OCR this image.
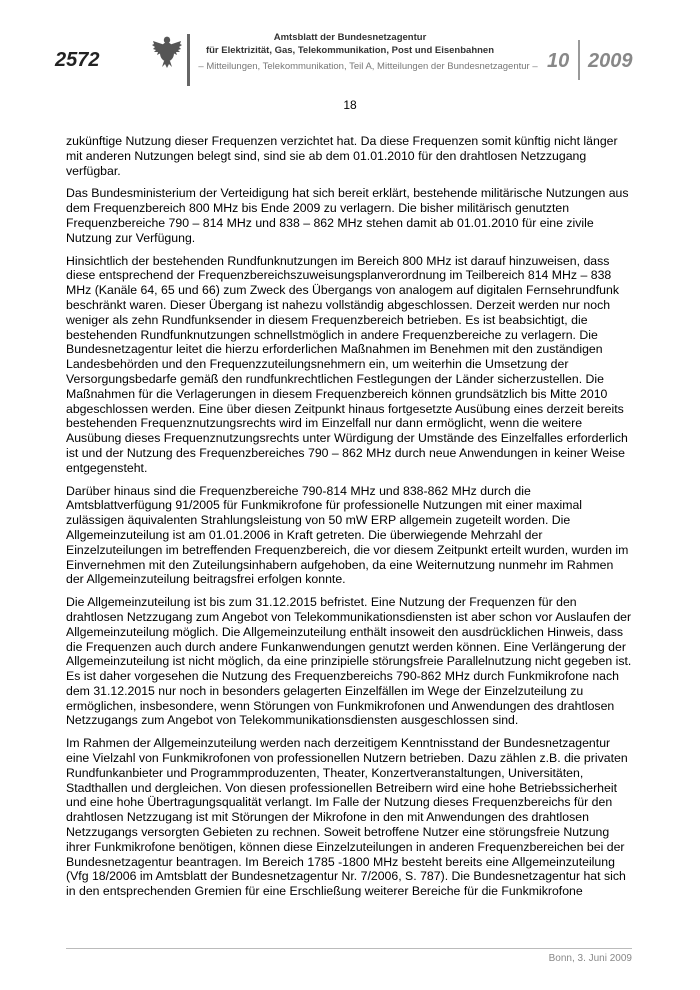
2572
Amtsblatt der Bundesnetzagentur
für Elektrizität, Gas, Telekommunikation, Post und Eisenbahnen
– Mitteilungen, Telekommunikation, Teil A, Mitteilungen der Bundesnetzagentur – 10 2009
18

zukünftige Nutzung dieser Frequenzen verzichtet hat. Da diese Frequenzen somit künftig nicht länger mit anderen Nutzungen belegt sind, sind sie ab dem 01.01.2010 für den drahtlosen Netzzugang verfügbar.

Das Bundesministerium der Verteidigung hat sich bereit erklärt, bestehende militärische Nutzungen aus dem Frequenzbereich 800 MHz bis Ende 2009 zu verlagern. Die bisher militärisch genutzten Frequenzbereiche 790 – 814 MHz und 838 – 862 MHz stehen damit ab 01.01.2010 für eine zivile Nutzung zur Verfügung.

Hinsichtlich der bestehenden Rundfunknutzungen im Bereich 800 MHz ist darauf hinzuweisen, dass diese entsprechend der Frequenzbereichszuweisungsplanverordnung im Teilbereich 814 MHz – 838 MHz (Kanäle 64, 65 und 66) zum Zweck des Übergangs von analogem auf digitalen Fernsehrundfunk beschränkt waren. Dieser Übergang ist nahezu vollständig abgeschlossen. Derzeit werden nur noch weniger als zehn Rundfunksender in diesem Frequenzbereich betrieben. Es ist beabsichtigt, die bestehenden Rundfunknutzungen schnellstmöglich in andere Frequenzbereiche zu verlagern. Die Bundesnetzagentur leitet die hierzu erforderlichen Maßnahmen im Benehmen mit den zuständigen Landesbehörden und den Frequenzzuteilungsnehmern ein, um weiterhin die Umsetzung der Versorgungsbedarfe gemäß den rundfunkrechtlichen Festlegungen der Länder sicherzustellen. Die Maßnahmen für die Verlagerungen in diesem Frequenzbereich können grundsätzlich bis Mitte 2010 abgeschlossen werden. Eine über diesen Zeitpunkt hinaus fortgesetzte Ausübung eines derzeit bereits bestehenden Frequenznutzungsrechts wird im Einzelfall nur dann ermöglicht, wenn die weitere Ausübung dieses Frequenznutzungsrechts unter Würdigung der Umstände des Einzelfalles erforderlich ist und der Nutzung des Frequenzbereiches 790 – 862 MHz durch neue Anwendungen in keiner Weise entgegensteht.

Darüber hinaus sind die Frequenzbereiche 790-814 MHz und 838-862 MHz durch die Amtsblattverfügung 91/2005 für Funkmikrofone für professionelle Nutzungen mit einer maximal zulässigen äquivalenten Strahlungsleistung von 50 mW ERP allgemein zugeteilt worden. Die Allgemeinzuteilung ist am 01.01.2006 in Kraft getreten. Die überwiegende Mehrzahl der Einzelzuteilungen im betreffenden Frequenzbereich, die vor diesem Zeitpunkt erteilt wurden, wurden im Einvernehmen mit den Zuteilungsinhabern aufgehoben, da eine Weiternutzung nunmehr im Rahmen der Allgemeinzuteilung beitragsfrei erfolgen konnte.

Die Allgemeinzuteilung ist bis zum 31.12.2015 befristet. Eine Nutzung der Frequenzen für den drahtlosen Netzzugang zum Angebot von Telekommunikationsdiensten ist aber schon vor Auslaufen der Allgemeinzuteilung möglich. Die Allgemeinzuteilung enthält insoweit den ausdrücklichen Hinweis, dass die Frequenzen auch durch andere Funkanwendungen genutzt werden können. Eine Verlängerung der Allgemeinzuteilung ist nicht möglich, da eine prinzipielle störungsfreie Parallelnutzung nicht gegeben ist. Es ist daher vorgesehen die Nutzung des Frequenzbereichs 790-862 MHz durch Funkmikrofone nach dem 31.12.2015 nur noch in besonders gelagerten Einzelfällen im Wege der Einzelzuteilung zu ermöglichen, insbesondere, wenn Störungen von Funkmikrofonen und Anwendungen des drahtlosen Netzzugangs zum Angebot von Telekommunikationsdiensten ausgeschlossen sind.

Im Rahmen der Allgemeinzuteilung werden nach derzeitigem Kenntnisstand der Bundesnetzagentur eine Vielzahl von Funkmikrofonen von professionellen Nutzern betrieben. Dazu zählen z.B. die privaten Rundfunkanbieter und Programmproduzenten, Theater, Konzertveranstaltungen, Universitäten, Stadthallen und dergleichen. Von diesen professionellen Betreibern wird eine hohe Betriebssicherheit und eine hohe Übertragungsqualität verlangt. Im Falle der Nutzung dieses Frequenzbereichs für den drahtlosen Netzzugang ist mit Störungen der Mikrofone in den mit Anwendungen des drahtlosen Netzzugangs versorgten Gebieten zu rechnen. Soweit betroffene Nutzer eine störungsfreie Nutzung ihrer Funkmikrofone benötigen, können diese Einzelzuteilungen in anderen Frequenzbereichen bei der Bundesnetzagentur beantragen. Im Bereich 1785 -1800 MHz besteht bereits eine Allgemeinzuteilung (Vfg 18/2006 im Amtsblatt der Bundesnetzagentur Nr. 7/2006, S. 787). Die Bundesnetzagentur hat sich in den entsprechenden Gremien für eine Erschließung weiterer Bereiche für die Funkmikrofone

Bonn, 3. Juni 2009
